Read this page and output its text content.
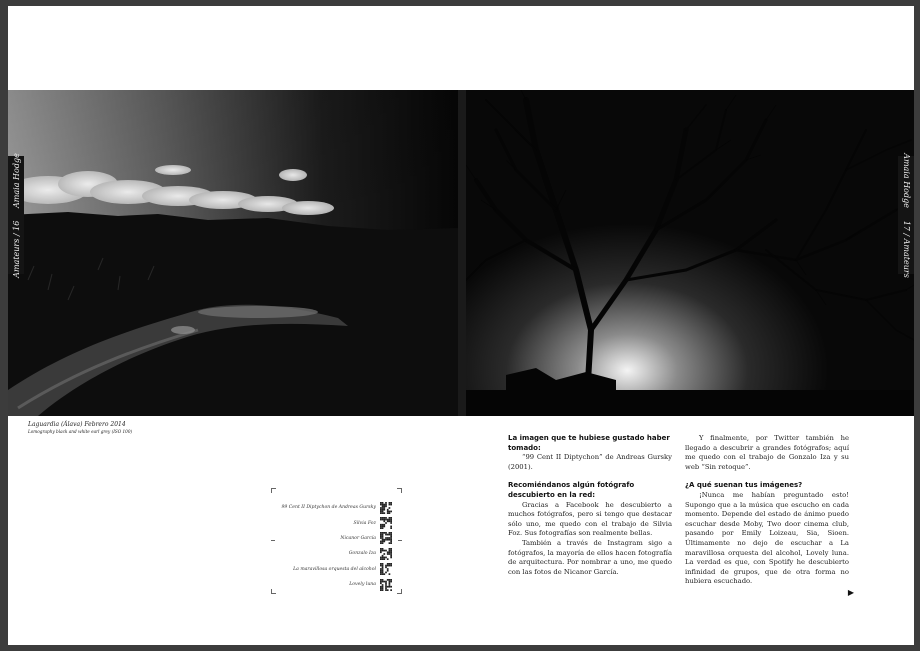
Amateurs / 16     Amaia Hodge	Amaia Hodge     17 / Amateurs
Laguardia (Álava) Febrero 2014
Lomography black and white earl grey (ISO 100)
99 Cent II Diptychon de Andreas Gursky
Silvia Foz
Nicanor García
Gonzalo Iza
La maravillosa orquesta del alcohol
Lovely luna
La imagen que te hubiese gustado haber tomado:

“99 Cent II Diptychon” de Andreas Gursky (2001).

Recomiéndanos algún fotógrafo descubierto en la red:

Gracias a Facebook he descubierto a muchos fotógrafos, pero si tengo que destacar sólo uno, me quedo con el trabajo de Silvia Foz. Sus fotografías son realmente bellas.

También a través de Instagram sigo a fotógrafos, la mayoría de ellos hacen fotografía de arquitectura. Por nombrar a uno, me quedo con las fotos de Nicanor García.

Y finalmente, por Twitter también he llegado a descubrir a grandes fotógrafos; aquí me quedo con el trabajo de Gonzalo Iza y su web “Sin retoque”.

¿A qué suenan tus imágenes?

¡Nunca me habían preguntado esto! Supongo que a la música que escucho en cada momento. Depende del estado de ánimo puedo escuchar desde Moby, Two door cinema club, pasando por Emily Loizeau, Sia, Sioen. Últimamente no dejo de escuchar a La maravillosa orquesta del alcohol, Lovely luna. La verdad es que, con Spotify he descubierto infinidad de grupos, que de otra forma no hubiera escuchado.

▶
